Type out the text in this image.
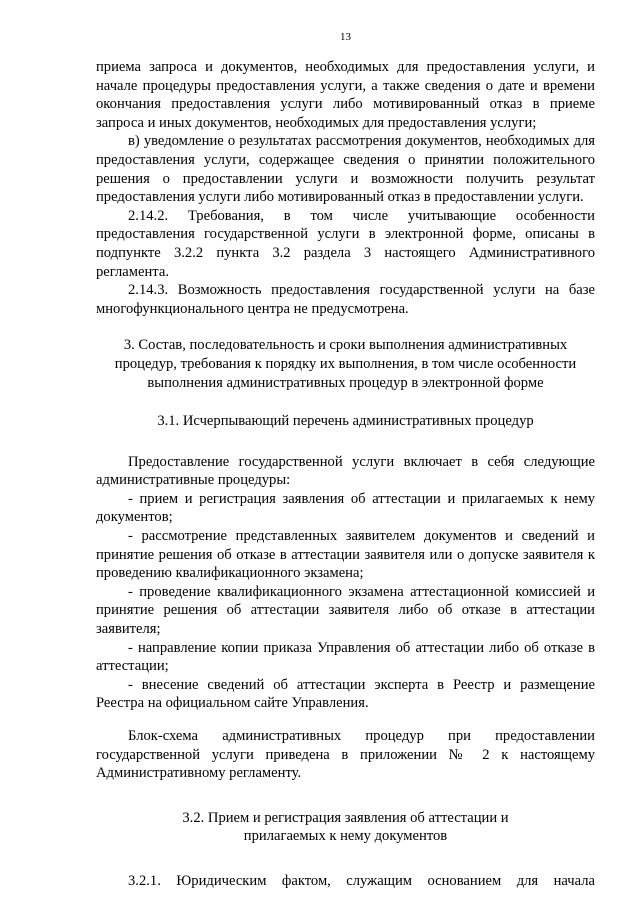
13

приема запроса и документов, необходимых для предоставления услуги, и начале процедуры предоставления услуги, а также сведения о дате и времени окончания предоставления услуги либо мотивированный отказ в приеме запроса и иных документов, необходимых для предоставления услуги;

в) уведомление о результатах рассмотрения документов, необходимых для предоставления услуги, содержащее сведения о принятии положительного решения о предоставлении услуги и возможности получить результат предоставления услуги либо мотивированный отказ в предоставлении услуги.

2.14.2. Требования, в том числе учитывающие особенности предоставления государственной услуги в электронной форме, описаны в подпункте 3.2.2 пункта 3.2 раздела 3 настоящего Административного регламента.

2.14.3. Возможность предоставления государственной услуги на базе многофункционального центра не предусмотрена.

3. Состав, последовательность и сроки выполнения административных процедур, требования к порядку их выполнения, в том числе особенности выполнения административных процедур в электронной форме

3.1. Исчерпывающий перечень административных процедур

Предоставление государственной услуги включает в себя следующие административные процедуры:

- прием и регистрация заявления об аттестации и прилагаемых к нему документов;

- рассмотрение представленных заявителем документов и сведений и принятие решения об отказе в аттестации заявителя или о допуске заявителя к проведению квалификационного экзамена;

- проведение квалификационного экзамена аттестационной комиссией и принятие решения об аттестации заявителя либо об отказе в аттестации заявителя;

- направление копии приказа Управления об аттестации либо об отказе в аттестации;

- внесение сведений об аттестации эксперта в Реестр и размещение Реестра на официальном сайте Управления.

Блок-схема административных процедур при предоставлении государственной услуги приведена в приложении № 2 к настоящему Административному регламенту.

3.2. Прием и регистрация заявления об аттестации и прилагаемых к нему документов

3.2.1. Юридическим фактом, служащим основанием для начала
